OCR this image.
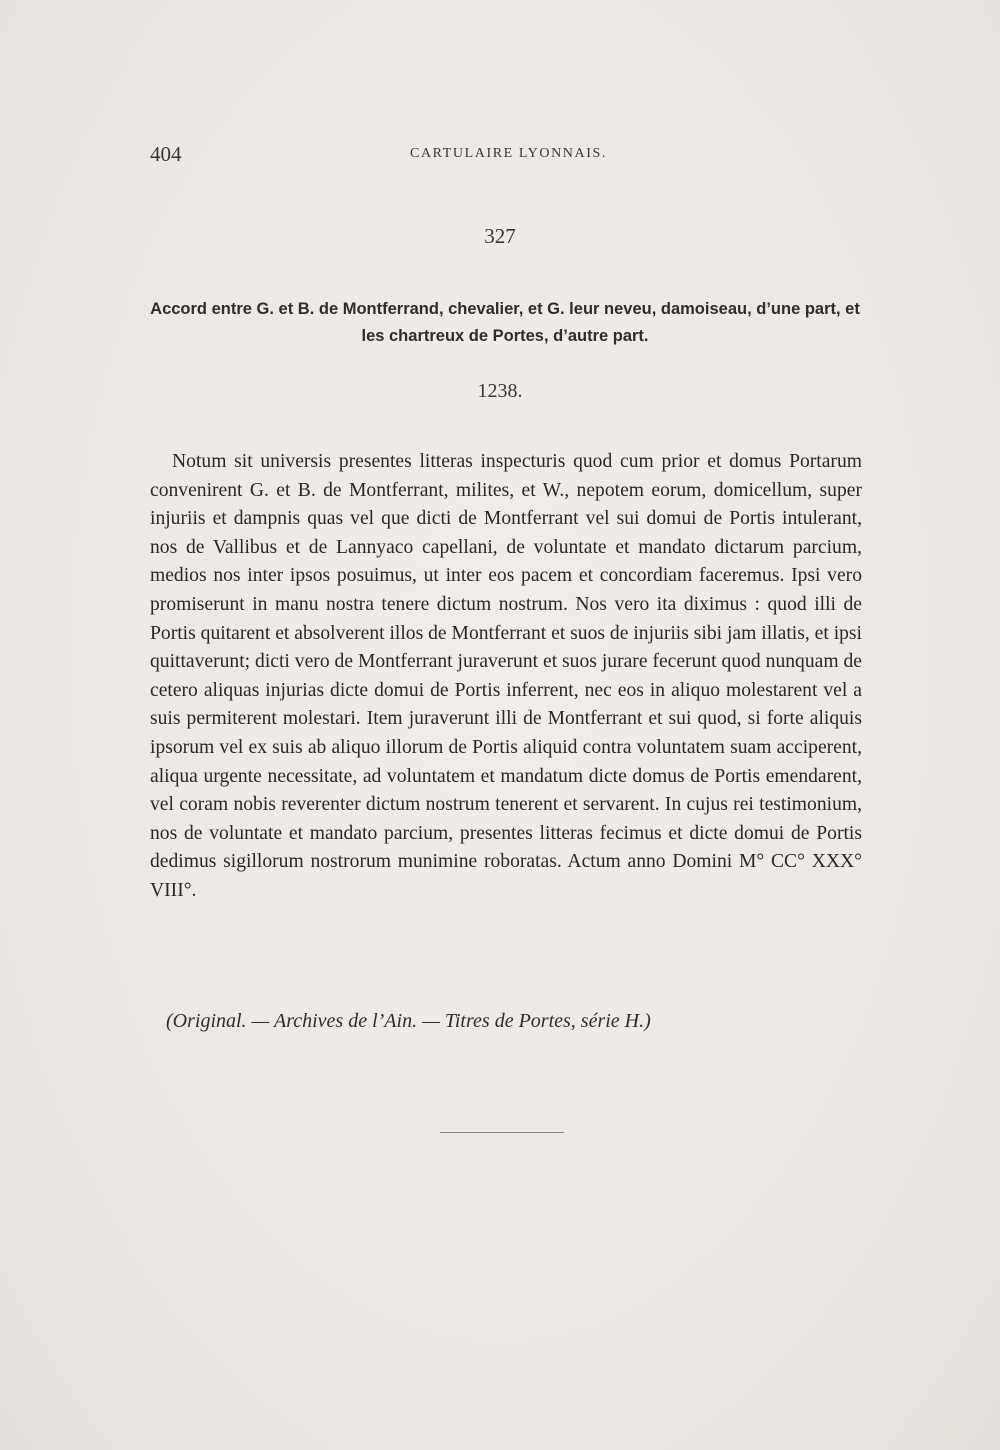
404	CARTULAIRE LYONNAIS.
327
Accord entre G. et B. de Montferrand, chevalier, et G. leur neveu, damoiseau, d’une part, et les chartreux de Portes, d’autre part.
1238.

Notum sit universis presentes litteras inspecturis quod cum prior et domus Portarum convenirent G. et B. de Montferrant, milites, et W., nepotem eorum, domicellum, super injuriis et dampnis quas vel que dicti de Montferrant vel sui domui de Portis intulerant, nos de Vallibus et de Lannyaco capellani, de voluntate et mandato dictarum parcium, medios nos inter ipsos posuimus, ut inter eos pacem et concordiam faceremus. Ipsi vero promiserunt in manu nostra tenere dictum nostrum. Nos vero ita diximus : quod illi de Portis quitarent et absolverent illos de Montferrant et suos de injuriis sibi jam illatis, et ipsi quittaverunt; dicti vero de Montferrant juraverunt et suos jurare fecerunt quod nunquam de cetero aliquas injurias dicte domui de Portis inferrent, nec eos in aliquo molestarent vel a suis permiterent molestari. Item juraverunt illi de Montferrant et sui quod, si forte aliquis ipsorum vel ex suis ab aliquo illorum de Portis aliquid contra voluntatem suam acciperent, aliqua urgente necessitate, ad voluntatem et mandatum dicte domus de Portis emendarent, vel coram nobis reverenter dictum nostrum tenerent et servarent. In cujus rei testimonium, nos de voluntate et mandato parcium, presentes litteras fecimus et dicte domui de Portis dedimus sigillorum nostrorum munimine roboratas. Actum anno Domini M° CC° XXX° VIII°.

(Original. — Archives de l’Ain. — Titres de Portes, série H.)
